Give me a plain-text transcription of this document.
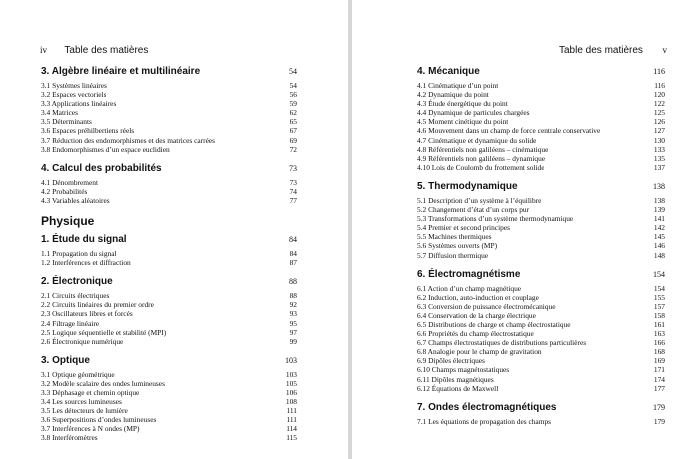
iv Table des matières
3. Algèbre linéaire et multilinéaire	54
3.1 Systèmes linéaires	54
3.2 Espaces vectoriels	56
3.3 Applications linéaires	59
3.4 Matrices	62
3.5 Déterminants	65
3.6 Espaces préhilbertiens réels	67
3.7 Réduction des endomorphismes et des matrices carrées	69
3.8 Endomorphismes d’un espace euclidien	72
4. Calcul des probabilités	73
4.1 Dénombrement	73
4.2 Probabilités	74
4.3 Variables aléatoires	77
Physique
1. Étude du signal	84
1.1 Propagation du signal	84
1.2 Interférences et diffraction	87
2. Électronique	88
2.1 Circuits électriques	88
2.2 Circuits linéaires du premier ordre	92
2.3 Oscillateurs libres et forcés	93
2.4 Filtrage linéaire	95
2.5 Logique séquentielle et stabilité (MPI)	97
2.6 Électronique numérique	99
3. Optique	103
3.1 Optique géométrique	103
3.2 Modèle scalaire des ondes lumineuses	105
3.3 Déphasage et chemin optique	106
3.4 Les sources lumineuses	108
3.5 Les détecteurs de lumière	111
3.6 Superpositions d’ondes lumineuses	111
3.7 Interférences à N ondes (MP)	114
3.8 Interféromètres	115
Table des matières v
4. Mécanique	116
4.1 Cinématique d’un point	116
4.2 Dynamique du point	120
4.3 Étude énergétique du point	122
4.4 Dynamique de particules chargées	125
4.5 Moment cinétique du point	126
4.6 Mouvement dans un champ de force centrale conservative	127
4.7 Cinématique et dynamique du solide	130
4.8 Référentiels non galiléens – cinématique	133
4.9 Référentiels non galiléens – dynamique	135
4.10 Lois de Coulomb du frottement solide	137
5. Thermodynamique	138
5.1 Description d’un système à l’équilibre	138
5.2 Changement d’état d’un corps pur	139
5.3 Transformations d’un système thermodynamique	141
5.4 Premier et second principes	142
5.5 Machines thermiques	145
5.6 Systèmes ouverts (MP)	146
5.7 Diffusion thermique	148
6. Électromagnétisme	154
6.1 Action d’un champ magnétique	154
6.2 Induction, auto-induction et couplage	155
6.3 Conversion de puissance électromécanique	157
6.4 Conservation de la charge électrique	158
6.5 Distributions de charge et champ électrostatique	161
6.6 Propriétés du champ électrostatique	163
6.7 Champs électrostatiques de distributions particulières	166
6.8 Analogie pour le champ de gravitation	168
6.9 Dipôles électriques	169
6.10 Champs magnétostatiques	171
6.11 Dipôles magnétiques	174
6.12 Équations de Maxwell	177
7. Ondes électromagnétiques	179
7.1 Les équations de propagation des champs	179
